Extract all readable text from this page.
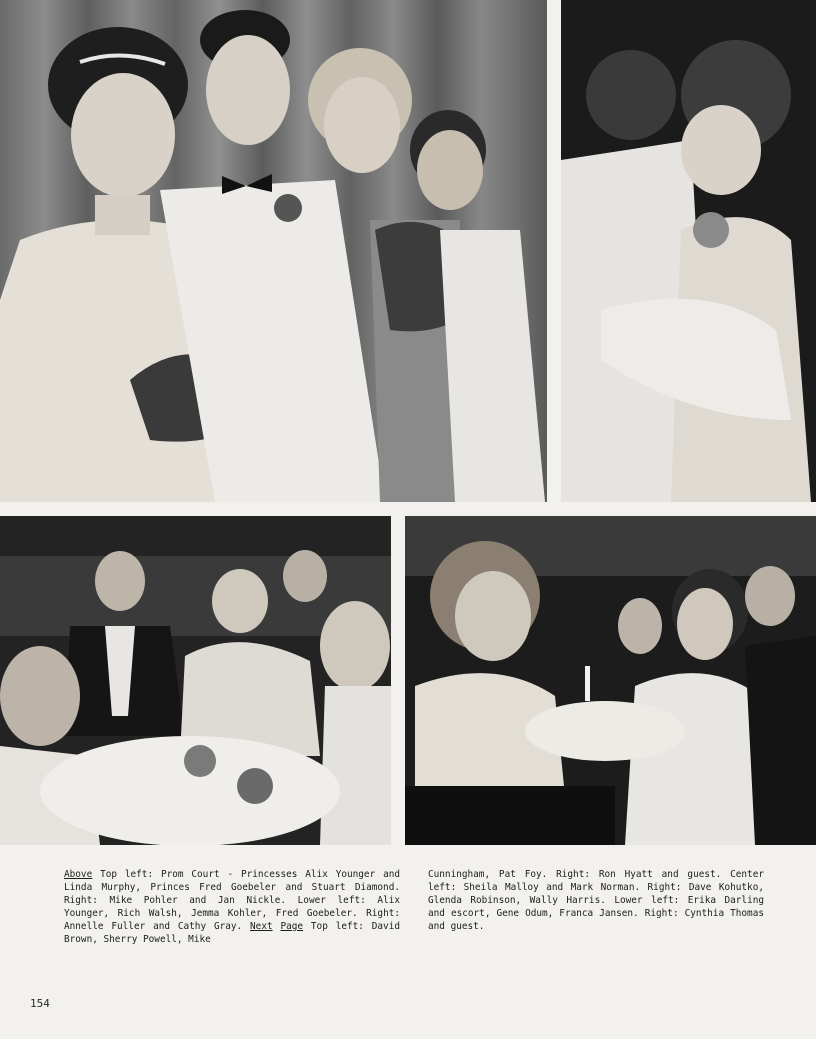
Above Top left: Prom Court - Princesses Alix Younger and Linda Murphy, Princes Fred Goebeler and Stuart Diamond. Right: Mike Pohler and Jan Nickle. Lower left: Alix Younger, Rich Walsh, Jemma Kohler, Fred Goebeler. Right: Annelle Fuller and Cathy Gray. Next Page Top left: David Brown, Sherry Powell, Mike
Cunningham, Pat Foy. Right: Ron Hyatt and guest. Center left: Sheila Malloy and Mark Norman. Right: Dave Kohutko, Glenda Robinson, Wally Harris. Lower left: Erika Darling and escort, Gene Odum, Franca Jansen. Right: Cynthia Thomas and guest.
154
